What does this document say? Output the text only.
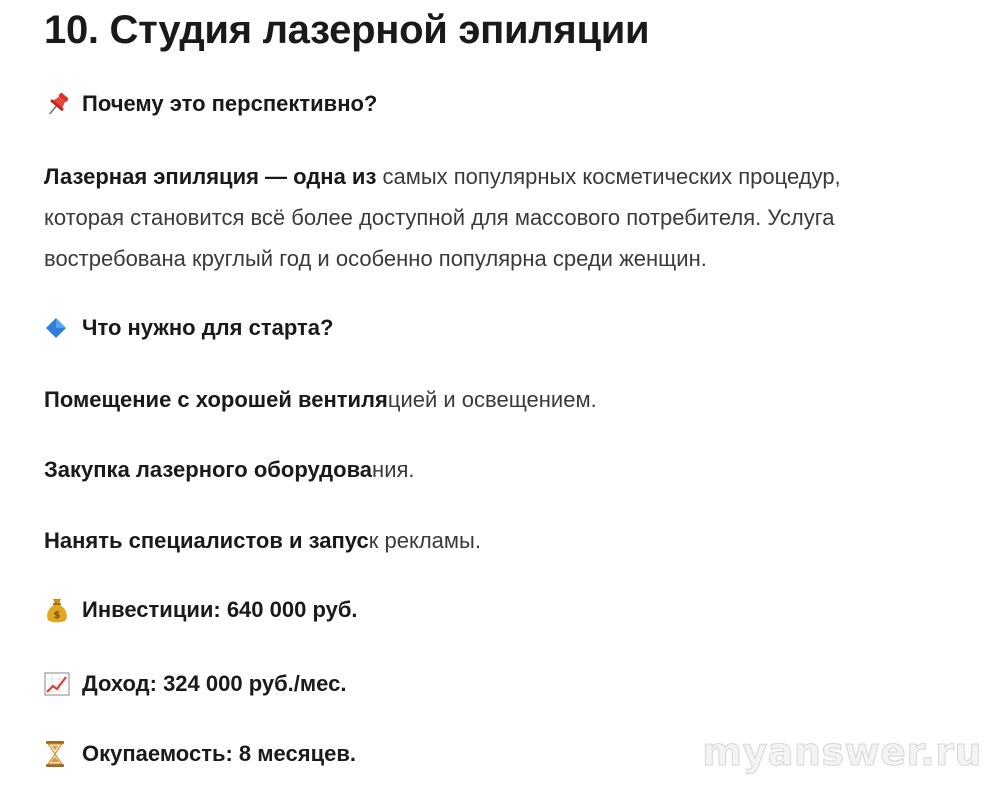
10. Студия лазерной эпиляции
Почему это перспективно?
Лазерная эпиляция — одна из самых популярных косметических процедур,
которая становится всё более доступной для массового потребителя. Услуга
востребована круглый год и особенно популярна среди женщин.
Что нужно для старта?
Помещение с хорошей вентиляцией и освещением.
Закупка лазерного оборудования.
Нанять специалистов и запуск рекламы.
$ Инвестиции: 640 000 руб.
Доход: 324 000 руб./мес.
Окупаемость: 8 месяцев.	myanswer.ru
